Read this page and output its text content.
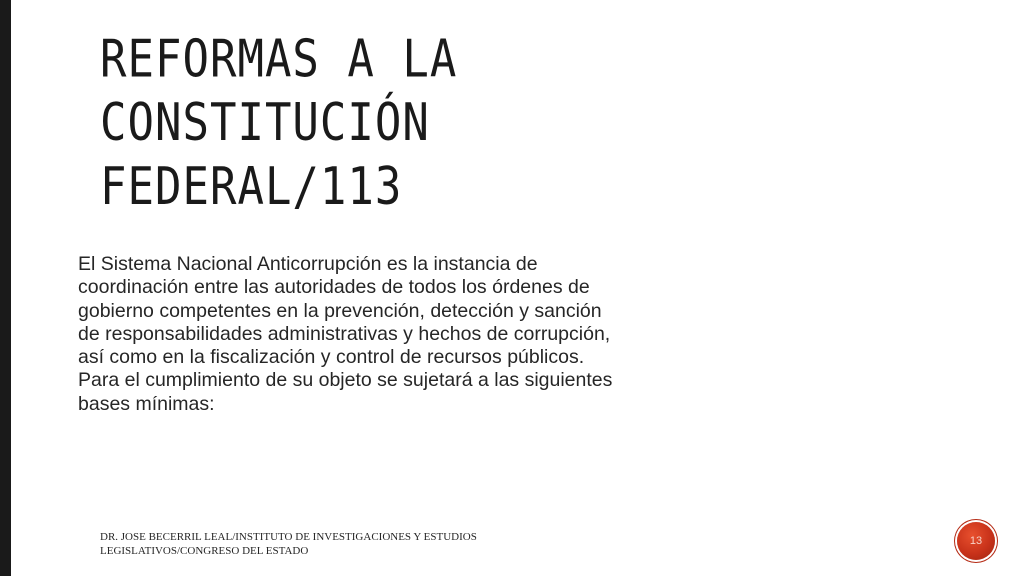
REFORMAS A LA CONSTITUCIÓN
FEDERAL/113

El Sistema Nacional Anticorrupción es la instancia de coordinación entre las autoridades de todos los órdenes de gobierno competentes en la prevención, detección y sanción de responsabilidades administrativas y hechos de corrupción, así como en la fiscalización y control de recursos públicos. Para el cumplimiento de su objeto se sujetará a las siguientes bases mínimas:

DR. JOSE BECERRIL LEAL/INSTITUTO DE INVESTIGACIONES Y ESTUDIOS LEGISLATIVOS/CONGRESO DEL ESTADO

13
